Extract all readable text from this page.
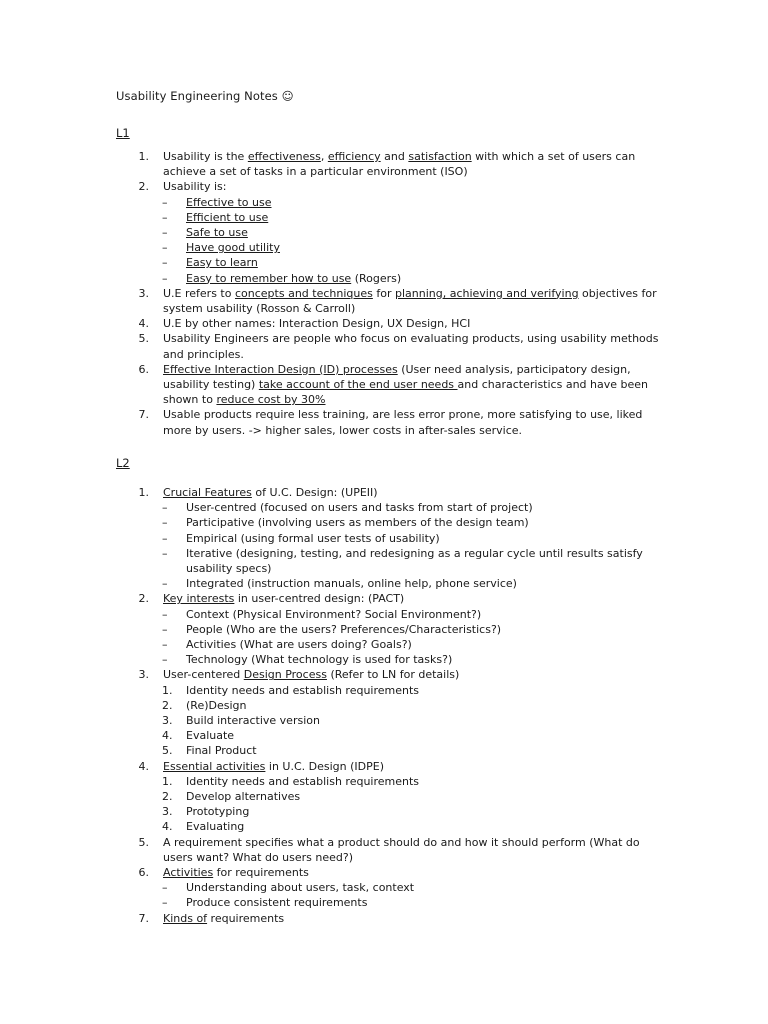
Usability Engineering Notes ☺
L1
1. Usability is the effectiveness, efficiency and satisfaction with which a set of users can
achieve a set of tasks in a particular environment (ISO)
2. Usability is:
– Effective to use
– Efficient to use
– Safe to use
– Have good utility
– Easy to learn
– Easy to remember how to use (Rogers)
3. U.E refers to concepts and techniques for planning, achieving and verifying objectives for
system usability (Rosson & Carroll)
4. U.E by other names: Interaction Design, UX Design, HCI
5. Usability Engineers are people who focus on evaluating products, using usability methods
and principles.
6. Effective Interaction Design (ID) processes (User need analysis, participatory design,
usability testing) take account of the end user needs and characteristics and have been
shown to reduce cost by 30%
7. Usable products require less training, are less error prone, more satisfying to use, liked
more by users. -> higher sales, lower costs in after-sales service.
L2
1. Crucial Features of U.C. Design: (UPEII)
– User-centred (focused on users and tasks from start of project)
– Participative (involving users as members of the design team)
– Empirical (using formal user tests of usability)
– Iterative (designing, testing, and redesigning as a regular cycle until results satisfy
usability specs)
– Integrated (instruction manuals, online help, phone service)
2. Key interests in user-centred design: (PACT)
– Context (Physical Environment? Social Environment?)
– People (Who are the users? Preferences/Characteristics?)
– Activities (What are users doing? Goals?)
– Technology (What technology is used for tasks?)
3. User-centered Design Process (Refer to LN for details)
1. Identity needs and establish requirements
2. (Re)Design
3. Build interactive version
4. Evaluate
5. Final Product
4. Essential activities in U.C. Design (IDPE)
1. Identity needs and establish requirements
2. Develop alternatives
3. Prototyping
4. Evaluating
5. A requirement specifies what a product should do and how it should perform (What do
users want? What do users need?)
6. Activities for requirements
– Understanding about users, task, context
– Produce consistent requirements
7. Kinds of requirements
